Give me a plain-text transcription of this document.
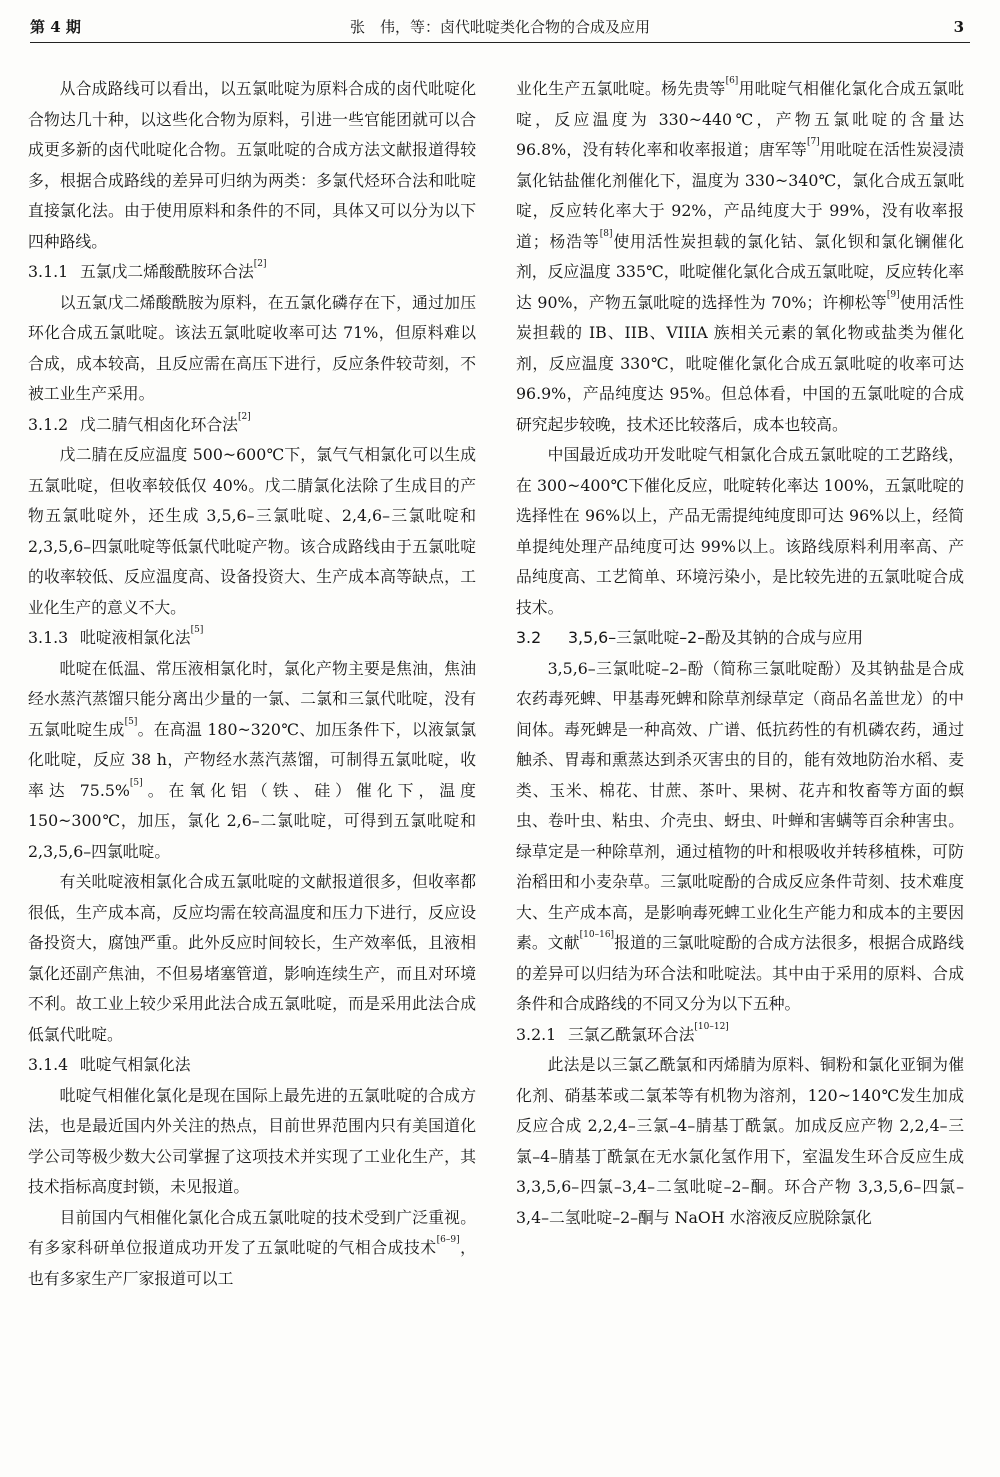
第 4 期	张　伟，等：卤代吡啶类化合物的合成及应用	3

从合成路线可以看出，以五氯吡啶为原料合成的卤代吡啶化合物达几十种，以这些化合物为原料，引进一些官能团就可以合成更多新的卤代吡啶化合物。五氯吡啶的合成方法文献报道得较多，根据合成路线的差异可归纳为两类：多氯代烃环合法和吡啶直接氯化法。由于使用原料和条件的不同，具体又可以分为以下四种路线。

3.1.1 五氯戊二烯酸酰胺环合法[2]

以五氯戊二烯酸酰胺为原料，在五氯化磷存在下，通过加压环化合成五氯吡啶。该法五氯吡啶收率可达 71%，但原料难以合成，成本较高，且反应需在高压下进行，反应条件较苛刻，不被工业生产采用。

3.1.2 戊二腈气相卤化环合法[2]

戊二腈在反应温度 500~600℃下，氯气气相氯化可以生成五氯吡啶，但收率较低仅 40%。戊二腈氯化法除了生成目的产物五氯吡啶外，还生成 3,5,6–三氯吡啶、2,4,6–三氯吡啶和 2,3,5,6–四氯吡啶等低氯代吡啶产物。该合成路线由于五氯吡啶的收率较低、反应温度高、设备投资大、生产成本高等缺点，工业化生产的意义不大。

3.1.3 吡啶液相氯化法[5]

吡啶在低温、常压液相氯化时，氯化产物主要是焦油，焦油经水蒸汽蒸馏只能分离出少量的一氯、二氯和三氯代吡啶，没有五氯吡啶生成[5]。在高温 180~320℃、加压条件下，以液氯氯化吡啶，反应 38 h，产物经水蒸汽蒸馏，可制得五氯吡啶，收率达 75.5%[5]。在氧化铝（铁、硅）催化下，温度 150~300℃，加压，氯化 2,6–二氯吡啶，可得到五氯吡啶和 2,3,5,6–四氯吡啶。

有关吡啶液相氯化合成五氯吡啶的文献报道很多，但收率都很低，生产成本高，反应均需在较高温度和压力下进行，反应设备投资大，腐蚀严重。此外反应时间较长，生产效率低，且液相氯化还副产焦油，不但易堵塞管道，影响连续生产，而且对环境不利。故工业上较少采用此法合成五氯吡啶，而是采用此法合成低氯代吡啶。

3.1.4 吡啶气相氯化法

吡啶气相催化氯化是现在国际上最先进的五氯吡啶的合成方法，也是最近国内外关注的热点，目前世界范围内只有美国道化学公司等极少数大公司掌握了这项技术并实现了工业化生产，其技术指标高度封锁，未见报道。

目前国内气相催化氯化合成五氯吡啶的技术受到广泛重视。有多家科研单位报道成功开发了五氯吡啶的气相合成技术[6–9]，也有多家生产厂家报道可以工

业化生产五氯吡啶。杨先贵等[6]用吡啶气相催化氯化合成五氯吡啶，反应温度为 330~440℃，产物五氯吡啶的含量达 96.8%，没有转化率和收率报道；唐军等[7]用吡啶在活性炭浸渍氯化钴盐催化剂催化下，温度为 330~340℃，氯化合成五氯吡啶，反应转化率大于 92%，产品纯度大于 99%，没有收率报道；杨浩等[8]使用活性炭担载的氯化钴、氯化钡和氯化镧催化剂，反应温度 335℃，吡啶催化氯化合成五氯吡啶，反应转化率达 90%，产物五氯吡啶的选择性为 70%；许柳松等[9]使用活性炭担载的 IB、IIB、VIIIA 族相关元素的氧化物或盐类为催化剂，反应温度 330℃，吡啶催化氯化合成五氯吡啶的收率可达 96.9%，产品纯度达 95%。但总体看，中国的五氯吡啶的合成研究起步较晚，技术还比较落后，成本也较高。

中国最近成功开发吡啶气相氯化合成五氯吡啶的工艺路线，在 300~400℃下催化反应，吡啶转化率达 100%，五氯吡啶的选择性在 96%以上，产品无需提纯纯度即可达 96%以上，经简单提纯处理产品纯度可达 99%以上。该路线原料利用率高、产品纯度高、工艺简单、环境污染小，是比较先进的五氯吡啶合成技术。

3.2 3,5,6–三氯吡啶–2–酚及其钠的合成与应用

3,5,6–三氯吡啶–2–酚（简称三氯吡啶酚）及其钠盐是合成农药毒死蜱、甲基毒死蜱和除草剂绿草定（商品名盖世龙）的中间体。毒死蜱是一种高效、广谱、低抗药性的有机磷农药，通过触杀、胃毒和熏蒸达到杀灭害虫的目的，能有效地防治水稻、麦类、玉米、棉花、甘蔗、茶叶、果树、花卉和牧畜等方面的螟虫、卷叶虫、粘虫、介壳虫、蚜虫、叶蝉和害螨等百余种害虫。绿草定是一种除草剂，通过植物的叶和根吸收并转移植株，可防治稻田和小麦杂草。三氯吡啶酚的合成反应条件苛刻、技术难度大、生产成本高，是影响毒死蜱工业化生产能力和成本的主要因素。文献[10–16]报道的三氯吡啶酚的合成方法很多，根据合成路线的差异可以归结为环合法和吡啶法。其中由于采用的原料、合成条件和合成路线的不同又分为以下五种。

3.2.1 三氯乙酰氯环合法[10–12]

此法是以三氯乙酰氯和丙烯腈为原料、铜粉和氯化亚铜为催化剂、硝基苯或二氯苯等有机物为溶剂，120~140℃发生加成反应合成 2,2,4–三氯–4–腈基丁酰氯。加成反应产物 2,2,4–三氯–4–腈基丁酰氯在无水氯化氢作用下，室温发生环合反应生成 3,3,5,6–四氯–3,4–二氢吡啶–2–酮。环合产物 3,3,5,6–四氯–3,4–二氢吡啶–2–酮与 NaOH 水溶液反应脱除氯化
